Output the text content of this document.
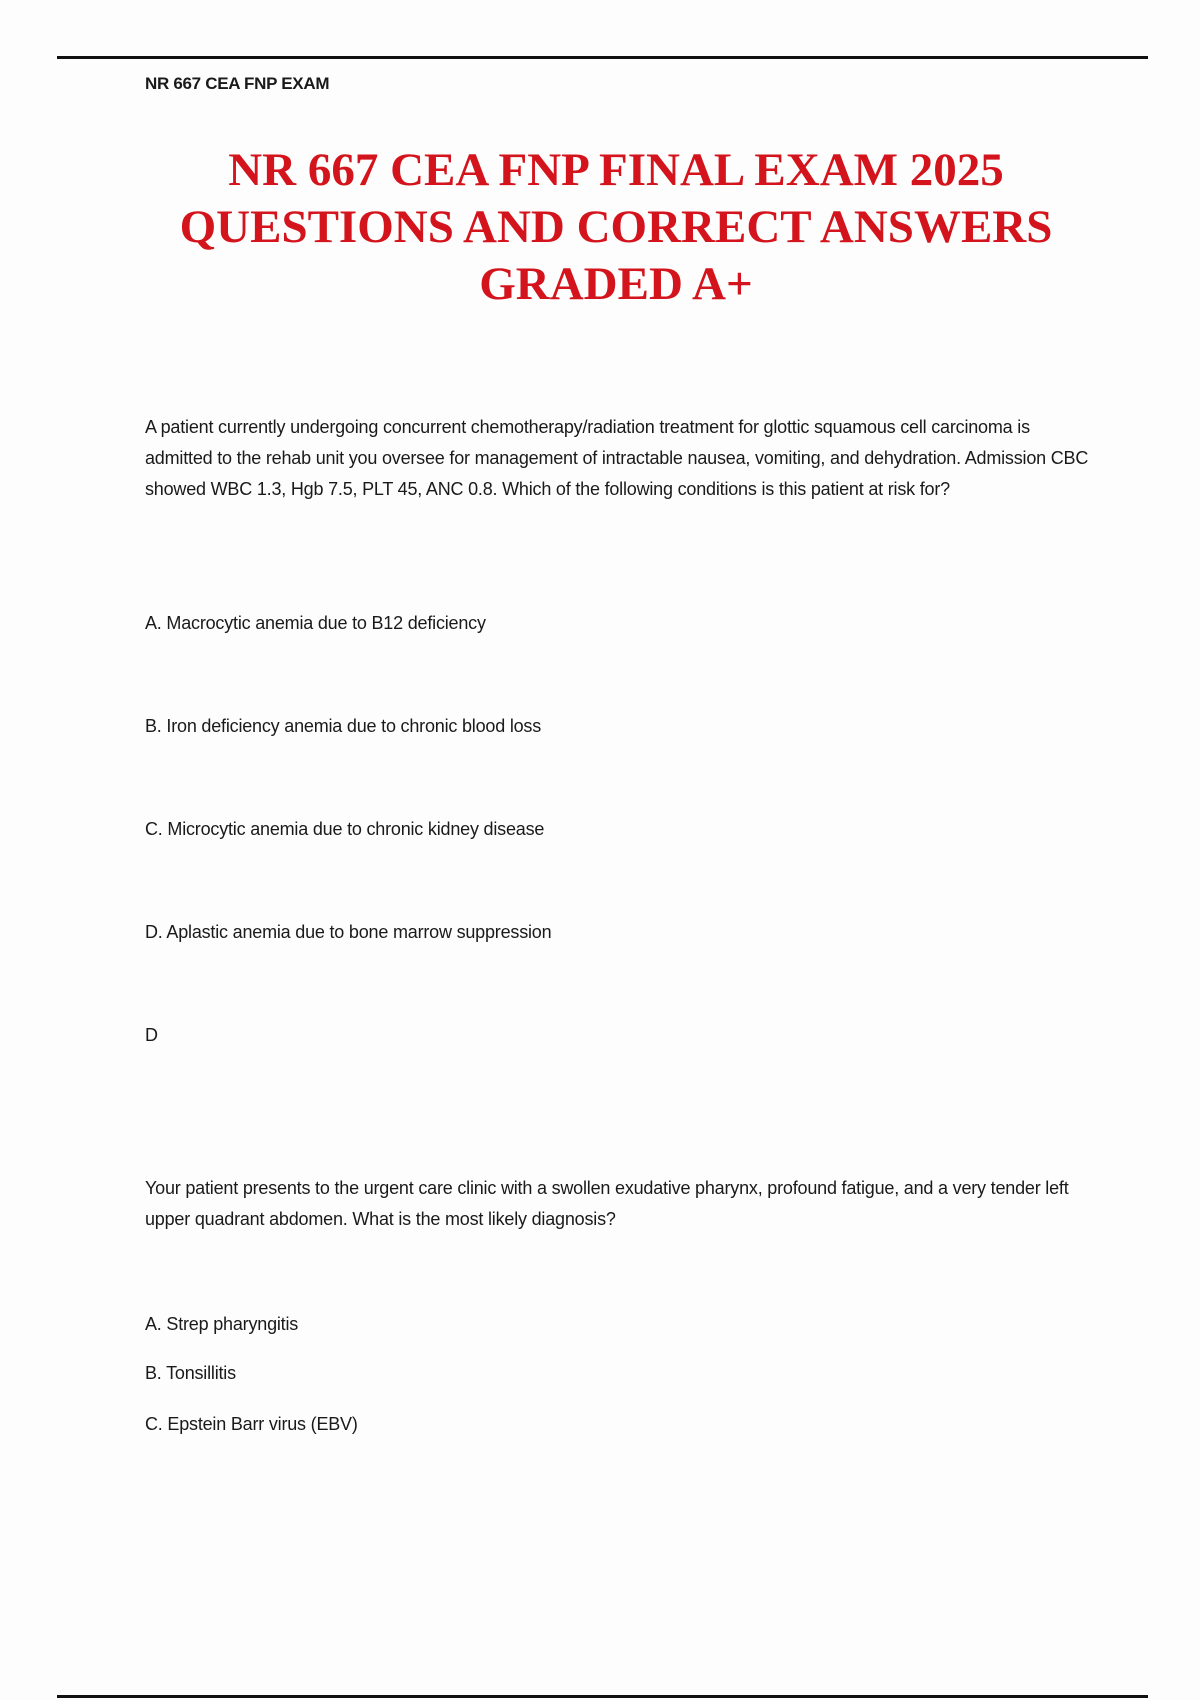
NR 667 CEA FNP EXAM
NR 667 CEA FNP FINAL EXAM 2025
QUESTIONS AND CORRECT ANSWERS
GRADED A+
A patient currently undergoing concurrent chemotherapy/radiation treatment for glottic squamous cell carcinoma is admitted to the rehab unit you oversee for management of intractable nausea, vomiting, and dehydration. Admission CBC showed WBC 1.3, Hgb 7.5, PLT 45, ANC 0.8. Which of the following conditions is this patient at risk for?
A. Macrocytic anemia due to B12 deficiency
B. Iron deficiency anemia due to chronic blood loss
C. Microcytic anemia due to chronic kidney disease
D. Aplastic anemia due to bone marrow suppression
D
Your patient presents to the urgent care clinic with a swollen exudative pharynx, profound fatigue, and a very tender left upper quadrant abdomen. What is the most likely diagnosis?
A. Strep pharyngitis
B. Tonsillitis
C. Epstein Barr virus (EBV)
